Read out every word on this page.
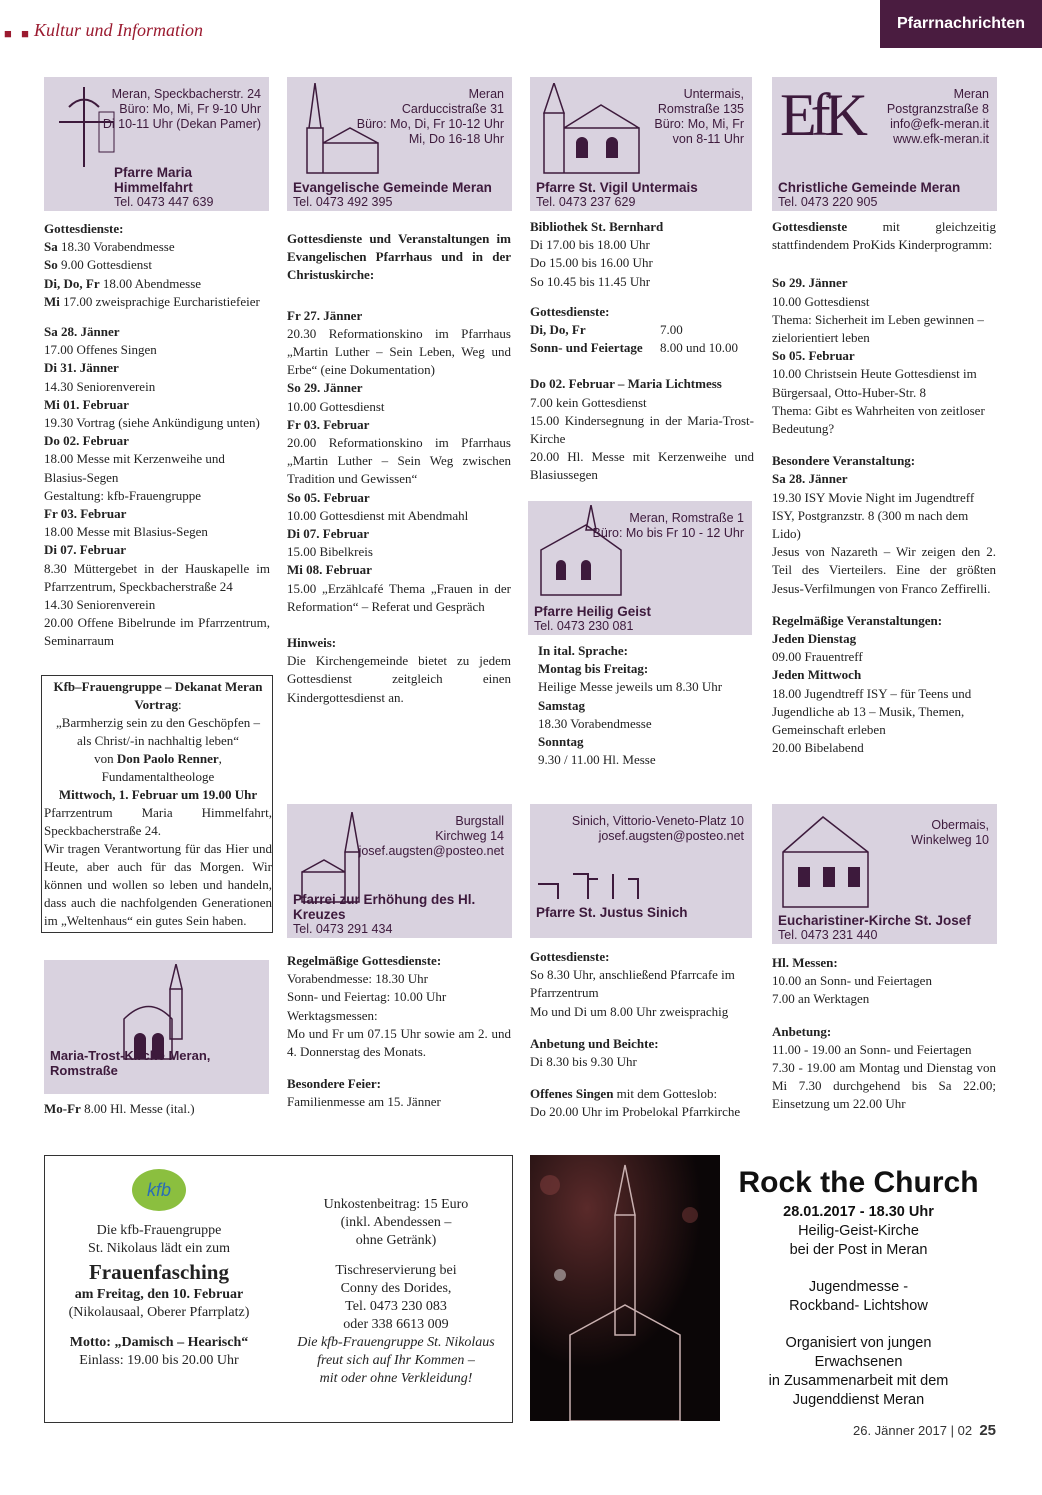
■ ■ Kultur und Information	Pfarrnachrichten
Meran, Speckbacherstr. 24
Büro: Mo, Mi, Fr 9-10 Uhr
Di 10-11 Uhr (Dekan Pamer)
Pfarre Maria Himmelfahrt
Tel. 0473 447 639
Meran
Carduccistraße 31
Büro: Mo, Di, Fr 10-12 Uhr
Mi, Do 16-18 Uhr
Evangelische Gemeinde Meran
Tel. 0473 492 395
Untermais,
Romstraße 135
Büro: Mo, Mi, Fr
von 8-11 Uhr
Pfarre St. Vigil Untermais
Tel. 0473 237 629
EfK	Meran
Postgranzstraße 8
info@efk-meran.it
www.efk-meran.it
Christliche Gemeinde Meran
Tel. 0473 220 905

Gottesdienste:

Sa 18.30 Vorabendmesse

So 9.00 Gottesdienst

Di, Do, Fr 18.00 Abendmesse

Mi 17.00 zweisprachige Eurcharistiefeier

Sa 28. Jänner

17.00 Offenes Singen

Di 31. Jänner

14.30 Seniorenverein

Mi 01. Februar

19.30 Vortrag (siehe Ankündigung unten)

Do 02. Februar

18.00 Messe mit Kerzenweihe und Blasius-Segen

Gestaltung: kfb-Frauengruppe

Fr 03. Februar

18.00 Messe mit Blasius-Segen

Di 07. Februar

8.30 Müttergebet in der Hauskapelle im Pfarrzentrum, Speckbacherstraße 24

14.30 Seniorenverein

20.00 Offene Bibelrunde im Pfarrzentrum, Seminarraum

Kfb–Frauengruppe – Dekanat Meran

Vortrag:

„Barmherzig sein zu den Geschöpfen –

als Christ/-in nachhaltig leben“

von Don Paolo Renner,

Fundamentaltheologe

Mittwoch, 1. Februar um 19.00 Uhr

Pfarrzentrum Maria Himmelfahrt, Speckbacherstraße 24.

Wir tragen Verantwortung für das Hier und Heute, aber auch für das Morgen. Wir können und wollen so leben und handeln, dass auch die nachfolgenden Generationen im „Weltenhaus“ ein gutes Sein haben.

Maria-Trost-Kirche Meran, Romstraße

Mo-Fr 8.00 Hl. Messe (ital.)

Gottesdienste und Veranstaltungen im Evangelischen Pfarrhaus und in der Christuskirche:

Fr 27. Jänner

20.30 Reformationskino im Pfarrhaus „Martin Luther – Sein Leben, Weg und Erbe“ (eine Dokumentation)

So 29. Jänner

10.00 Gottesdienst

Fr 03. Februar

20.00 Reformationskino im Pfarrhaus „Martin Luther – Sein Weg zwischen Tradition und Gewissen“

So 05. Februar

10.00 Gottesdienst mit Abendmahl

Di 07. Februar

15.00 Bibelkreis

Mi 08. Februar

15.00 „Erzählcafé Thema „Frauen in der Reformation“ – Referat und Gespräch

Hinweis:

Die Kirchengemeinde bietet zu jedem Gottesdienst zeitgleich einen Kindergottesdienst an.

Burgstall
Kirchweg 14
josef.augsten@posteo.net
Pfarrei zur Erhöhung des Hl. Kreuzes
Tel. 0473 291 434

Regelmäßige Gottesdienste:

Vorabendmesse: 18.30 Uhr

Sonn- und Feiertag: 10.00 Uhr

Werktagsmessen:

Mo und Fr um 07.15 Uhr sowie am 2. und 4. Donnerstag des Monats.

Besondere Feier:

Familienmesse am 15. Jänner

Bibliothek St. Bernhard

Di 17.00 bis 18.00 Uhr

Do 15.00 bis 16.00 Uhr

So 10.45 bis 11.45 Uhr

Gottesdienste:

Di, Do, Fr	7.00

Sonn- und Feiertage 8.00 und 10.00

Do 02. Februar – Maria Lichtmess

7.00 kein Gottesdienst

15.00 Kindersegnung in der Maria-Trost-Kirche

20.00 Hl. Messe mit Kerzenweihe und Blasiussegen

Meran, Romstraße 1
Büro: Mo bis Fr 10 - 12 Uhr
Pfarre Heilig Geist
Tel. 0473 230 081

In ital. Sprache:

Montag bis Freitag:

Heilige Messe jeweils um 8.30 Uhr

Samstag

18.30 Vorabendmesse

Sonntag

9.30 / 11.00 Hl. Messe

Sinich, Vittorio-Veneto-Platz 10
josef.augsten@posteo.net
Pfarre St. Justus Sinich

Gottesdienste:

So 8.30 Uhr, anschließend Pfarrcafe im Pfarrzentrum

Mo und Di um 8.00 Uhr zweisprachig

Anbetung und Beichte:

Di 8.30 bis 9.30 Uhr

Offenes Singen mit dem Gotteslob:

Do 20.00 Uhr im Probelokal Pfarrkirche

Gottesdienste mit gleichzeitig stattfindendem ProKids Kinderprogramm:

So 29. Jänner

10.00 Gottesdienst

Thema: Sicherheit im Leben gewinnen – zielorientiert leben

So 05. Februar

10.00 Christsein Heute Gottesdienst im Bürgersaal, Otto-Huber-Str. 8

Thema: Gibt es Wahrheiten von zeitloser Bedeutung?

Besondere Veranstaltung:

Sa 28. Jänner

19.30 ISY Movie Night im Jugendtreff ISY, Postgranzstr. 8 (300 m nach dem Lido)

Jesus von Nazareth – Wir zeigen den 2. Teil des Vierteilers. Eine der größten Jesus-Verfilmungen von Franco Zeffirelli.

Regelmäßige Veranstaltungen:

Jeden Dienstag

09.00 Frauentreff

Jeden Mittwoch

18.00 Jugendtreff ISY – für Teens und Jugendliche ab 13 – Musik, Themen, Gemeinschaft erleben

20.00 Bibelabend

Obermais,
Winkelweg 10
Eucharistiner-Kirche St. Josef
Tel. 0473 231 440

Hl. Messen:

10.00 an Sonn- und Feiertagen

7.00 an Werktagen

Anbetung:

11.00 - 19.00 an Sonn- und Feiertagen

7.30 - 19.00 am Montag und Dienstag von Mi 7.30 durchgehend bis Sa 22.00; Einsetzung um 22.00 Uhr

kfb
Die kfb-Frauengruppe
St. Nikolaus lädt ein zum
Frauenfasching
am Freitag, den 10. Februar
(Nikolausaal, Oberer Pfarrplatz)
Motto: „Damisch – Hearisch“
Einlass: 19.00 bis 20.00 Uhr
Unkostenbeitrag: 15 Euro
(inkl. Abendessen –
ohne Getränk)
Tischreservierung bei
Conny des Dorides,
Tel. 0473 230 083
oder 338 6613 009
Die kfb-Frauengruppe St. Nikolaus
freut sich auf Ihr Kommen –
mit oder ohne Verkleidung!
Rock the Church
28.01.2017 - 18.30 Uhr
Heilig-Geist-Kirche
bei der Post in Meran
Jugendmesse -
Rockband- Lichtshow
Organisiert von jungen
Erwachsenen
in Zusammenarbeit mit dem
Jugenddienst Meran
26. Jänner 2017 | 02 25
